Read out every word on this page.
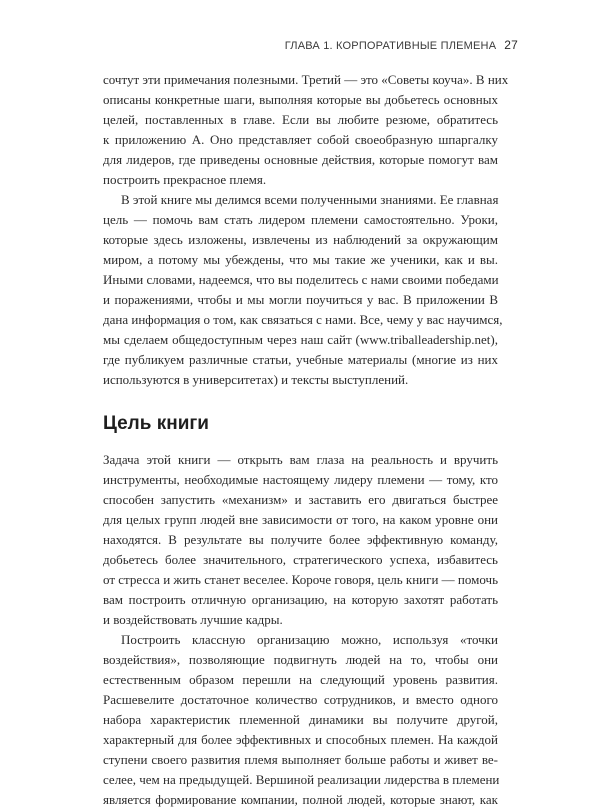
ГЛАВА 1. КОРПОРАТИВНЫЕ ПЛЕМЕНА 27

сочтут эти примечания полезными. Третий — это «Советы коуча». В них
описаны конкретные шаги, выполняя которые вы добьетесь основных
целей, поставленных в главе. Если вы любите резюме, обратитесь
к приложению А. Оно представляет собой своеобразную шпаргалку
для лидеров, где приведены основные действия, которые помогут вам
построить прекрасное племя.

В этой книге мы делимся всеми полученными знаниями. Ее главная
цель — помочь вам стать лидером племени самостоятельно. Уроки,
которые здесь изложены, извлечены из наблюдений за окружающим
миром, а потому мы убеждены, что мы такие же ученики, как и вы.
Иными словами, надеемся, что вы поделитесь с нами своими победами
и поражениями, чтобы и мы могли поучиться у вас. В приложении В
дана информация о том, как связаться с нами. Все, чему у вас научимся,
мы сделаем общедоступным через наш сайт (www.triballeadership.net),
где публикуем различные статьи, учебные материалы (многие из них
используются в университетах) и тексты выступлений.

Цель книги

Задача этой книги — открыть вам глаза на реальность и вручить
инструменты, необходимые настоящему лидеру племени — тому, кто
способен запустить «механизм» и заставить его двигаться быстрее
для целых групп людей вне зависимости от того, на каком уровне они
находятся. В результате вы получите более эффективную команду,
добьетесь более значительного, стратегического успеха, избавитесь
от стресса и жить станет веселее. Короче говоря, цель книги — помочь
вам построить отличную организацию, на которую захотят работать
и воздействовать лучшие кадры.

Построить классную организацию можно, используя «точки
воздействия», позволяющие подвигнуть людей на то, чтобы они
естественным образом перешли на следующий уровень развития.
Расшевелите достаточное количество сотрудников, и вместо одного
набора характеристик племенной динамики вы получите другой,
характерный для более эффективных и способных племен. На каждой
ступени своего развития племя выполняет больше работы и живет ве-
селее, чем на предыдущей. Вершиной реализации лидерства в племени
является формирование компании, полной людей, которые знают, как
